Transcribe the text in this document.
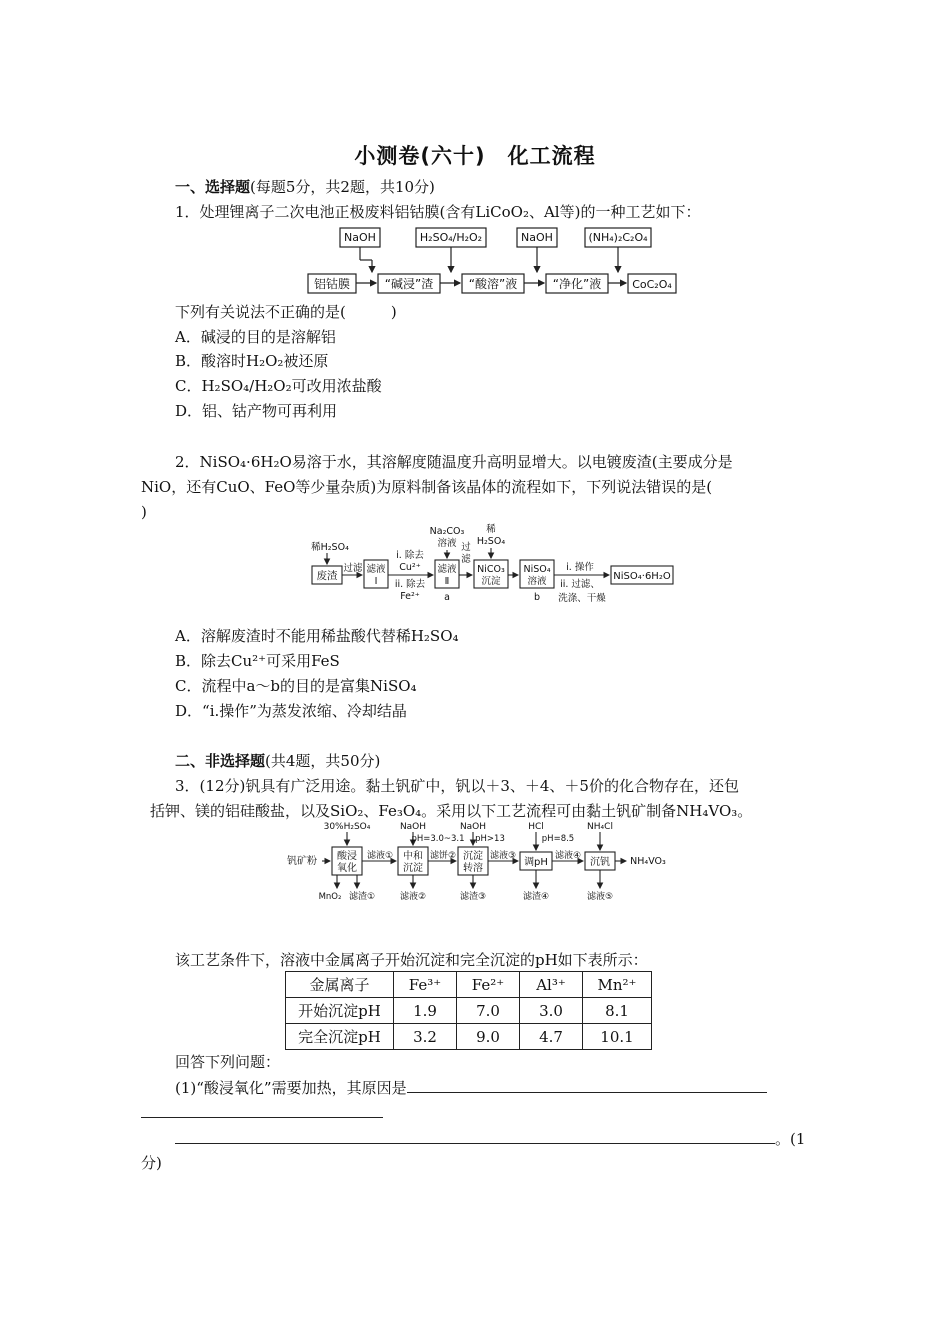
小测卷(六十)　化工流程
一、选择题(每题5分，共2题，共10分)
1．处理锂离子二次电池正极废料铝钴膜(含有LiCoO₂、Al等)的一种工艺如下：
NaOH	H₂SO₄/H₂O₂	NaOH	(NH₄)₂C₂O₄
铝钴膜	“碱浸”渣	“酸溶”液	“净化”液	CoC₂O₄
下列有关说法不正确的是(　　　)
A．碱浸的目的是溶解铝
B．酸溶时H₂O₂被还原
C．H₂SO₄/H₂O₂可改用浓盐酸
D．铝、钴产物可再利用
2．NiSO₄·6H₂O易溶于水，其溶解度随温度升高明显增大。以电镀废渣(主要成分是
NiO，还有CuO、FeO等少量杂质)为原料制备该晶体的流程如下，下列说法错误的是(
)
稀H₂SO₄
废渣
过滤 滤液
Ⅰ
i. 除去
Cu²⁺
ii. 除去
Fe²⁺
Na₂CO₃
溶液
滤液
Ⅱ
a
过
滤
稀
H₂SO₄
NiCO₃
沉淀
NiSO₄
溶液
b
i. 操作
ii. 过滤、
洗涤、干燥
NiSO₄·6H₂O
A．溶解废渣时不能用稀盐酸代替稀H₂SO₄
B．除去Cu²⁺可采用FeS
C．流程中a～b的目的是富集NiSO₄
D．“ⅰ.操作”为蒸发浓缩、冷却结晶
二、非选择题(共4题，共50分)
3．(12分)钒具有广泛用途。黏土钒矿中，钒以＋3、＋4、＋5价的化合物存在，还包
括钾、镁的铝硅酸盐，以及SiO₂、Fe₃O₄。采用以下工艺流程可由黏土钒矿制备NH₄VO₃。
钒矿粉
30%H₂SO₄	NaOH	NaOH	HCl	NH₄Cl
pH=3.0~3.1 pH>13	pH=8.5
酸浸
氧化
中和
沉淀
沉淀
转溶
调pH	沉钒
滤液①	滤饼②	滤液③	滤液④
MnO₂ 滤渣①	滤液②	滤渣③	滤渣④	滤液⑤
NH₄VO₃
该工艺条件下，溶液中金属离子开始沉淀和完全沉淀的pH如下表所示：
金属离子	Fe³⁺	Fe²⁺	Al³⁺	Mn²⁺
开始沉淀pH	1.9	7.0	3.0	8.1
完全沉淀pH	3.2	9.0	4.7	10.1
回答下列问题：
(1)“酸浸氧化”需要加热，其原因是
。(1
分)
